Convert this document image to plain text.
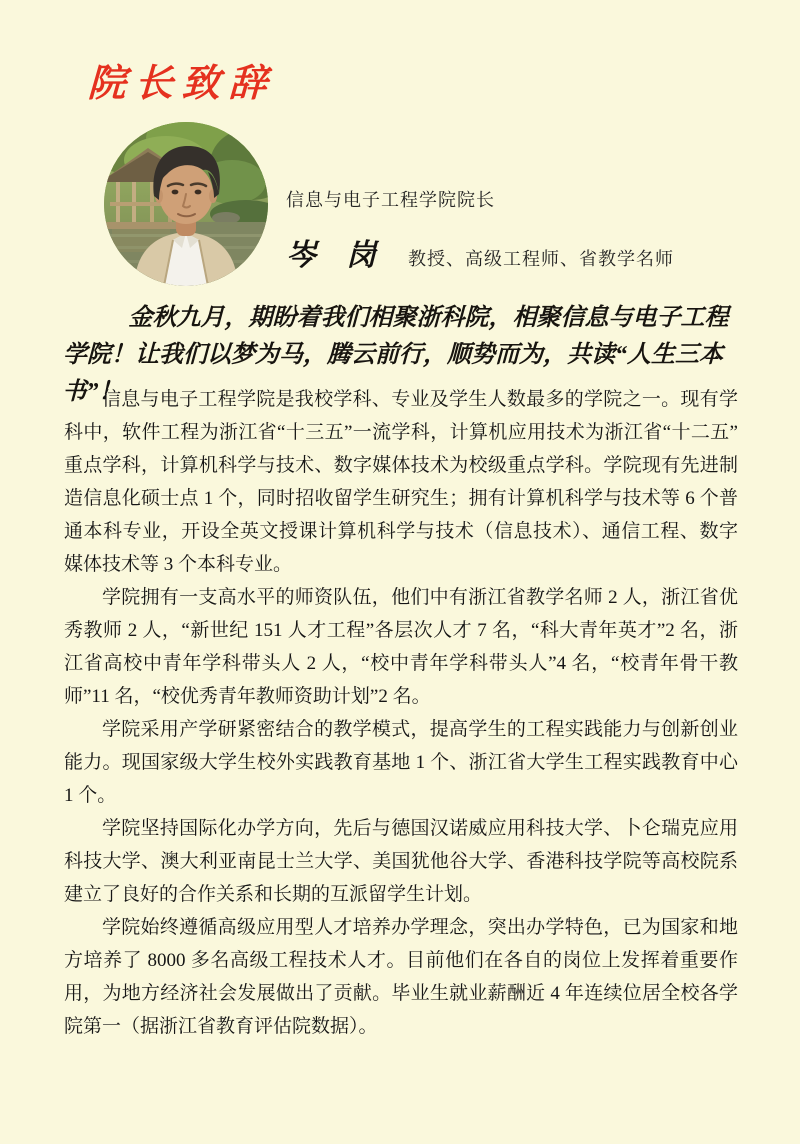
院长致辞
信息与电子工程学院院长
岑 岗 教授、高级工程师、省教学名师

金秋九月，期盼着我们相聚浙科院，相聚信息与电子工程学院！让我们以梦为马，腾云前行，顺势而为，共读“人生三本书”！

信息与电子工程学院是我校学科、专业及学生人数最多的学院之一。现有学科中，软件工程为浙江省“十三五”一流学科，计算机应用技术为浙江省“十二五”重点学科，计算机科学与技术、数字媒体技术为校级重点学科。学院现有先进制造信息化硕士点 1 个，同时招收留学生研究生；拥有计算机科学与技术等 6 个普通本科专业，开设全英文授课计算机科学与技术（信息技术）、通信工程、数字媒体技术等 3 个本科专业。

学院拥有一支高水平的师资队伍，他们中有浙江省教学名师 2 人，浙江省优秀教师 2 人，“新世纪 151 人才工程”各层次人才 7 名，“科大青年英才”2 名，浙江省高校中青年学科带头人 2 人，“校中青年学科带头人”4 名，“校青年骨干教师”11 名，“校优秀青年教师资助计划”2 名。

学院采用产学研紧密结合的教学模式，提高学生的工程实践能力与创新创业能力。现国家级大学生校外实践教育基地 1 个、浙江省大学生工程实践教育中心 1 个。

学院坚持国际化办学方向，先后与德国汉诺威应用科技大学、卜仑瑞克应用科技大学、澳大利亚南昆士兰大学、美国犹他谷大学、香港科技学院等高校院系建立了良好的合作关系和长期的互派留学生计划。

学院始终遵循高级应用型人才培养办学理念，突出办学特色，已为国家和地方培养了 8000 多名高级工程技术人才。目前他们在各自的岗位上发挥着重要作用，为地方经济社会发展做出了贡献。毕业生就业薪酬近 4 年连续位居全校各学院第一（据浙江省教育评估院数据）。
